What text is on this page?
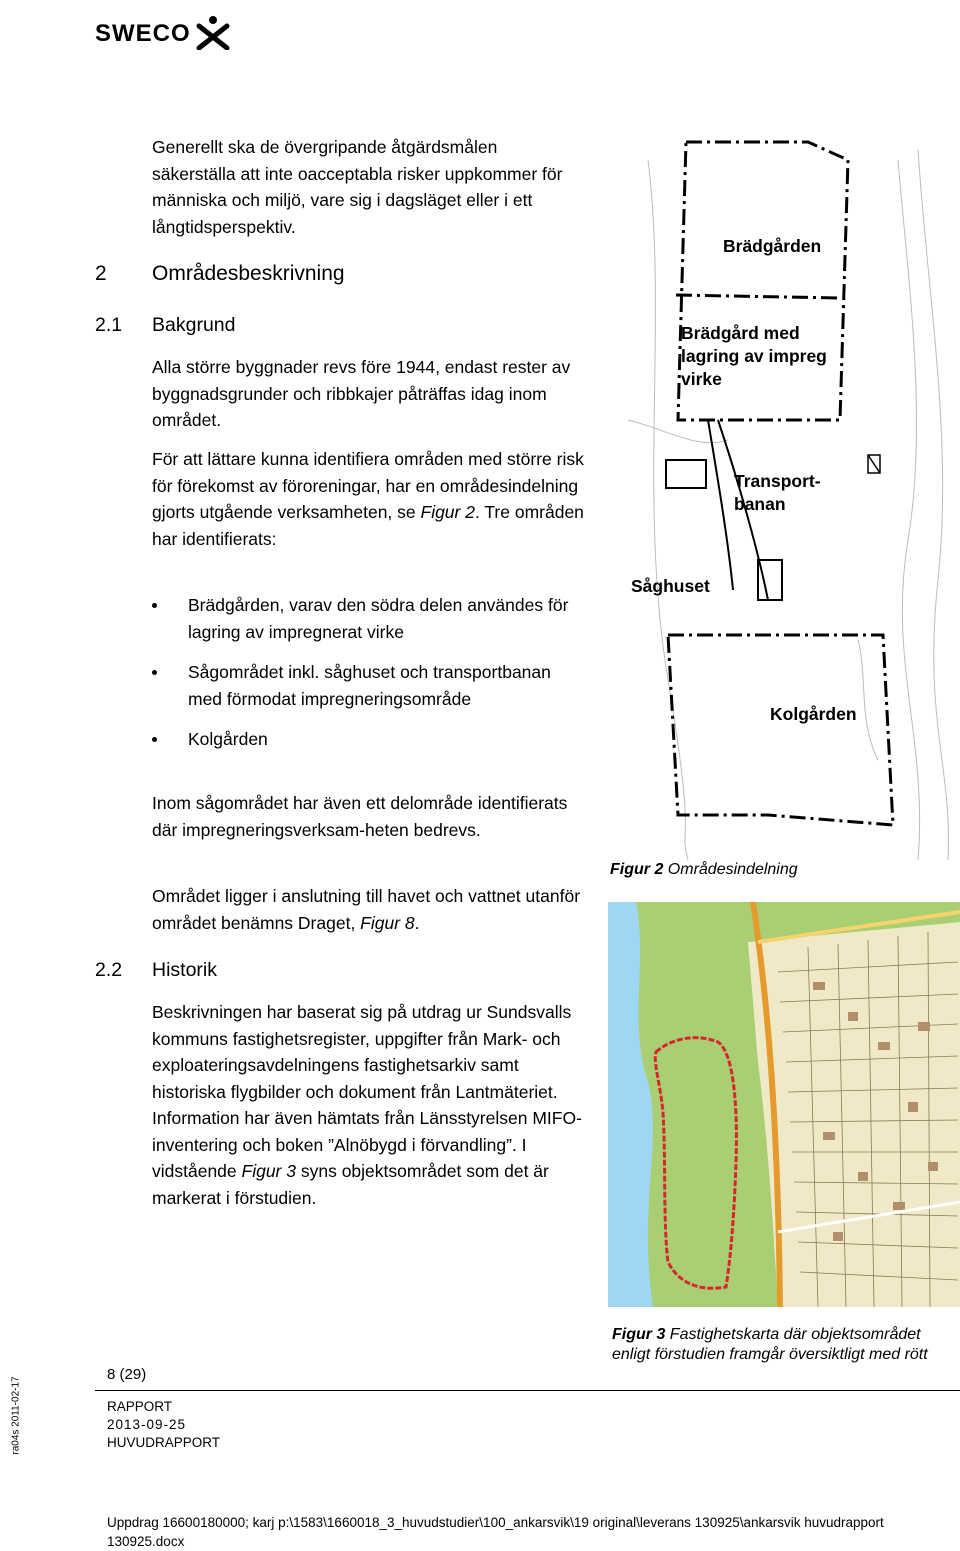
SWECO
Generellt ska de övergripande åtgärdsmålen säkerställa att inte oacceptabla risker uppkommer för människa och miljö, vare sig i dagsläget eller i ett långtidsperspektiv.
2 Områdesbeskrivning
2.1 Bakgrund
Alla större byggnader revs före 1944, endast rester av byggnadsgrunder och ribbkajer påträffas idag inom området.
För att lättare kunna identifiera områden med större risk för förekomst av föroreningar, har en områdesindelning gjorts utgående verksamheten, se Figur 2. Tre områden har identifierats:
Brädgården, varav den södra delen användes för lagring av impregnerat virke
Sågområdet inkl. såghuset och transportbanan med förmodat impregneringsområde
Kolgården
Inom sågområdet har även ett delområde identifierats där impregneringsverksam-heten bedrevs.
Området ligger i anslutning till havet och vattnet utanför området benämns Draget, Figur 8.
2.2 Historik
Beskrivningen har baserat sig på utdrag ur Sundsvalls kommuns fastighetsregister, uppgifter från Mark- och exploateringsavdelningens fastighetsarkiv samt historiska flygbilder och dokument från Lantmäteriet. Information har även hämtats från Länsstyrelsen MIFO-inventering och boken ”Alnöbygd i förvandling”. I vidstående Figur 3 syns objektsområdet som det är markerat i förstudien.
Brädgården
Brädgård med lagring av impreg virke
Transport-banan
Såghuset
Kolgården
Figur 2 Områdesindelning
Figur 3 Fastighetskarta där objektsområdet enligt förstudien framgår översiktligt med rött
8 (29)
RAPPORT
2013-09-25
HUVUDRAPPORT
Uppdrag 16600180000; karj p:\1583\1660018_3_huvudstudier\100_ankarsvik\19 original\leverans 130925\ankarsvik huvudrapport 130925.docx
ra04s 2011-02-17
